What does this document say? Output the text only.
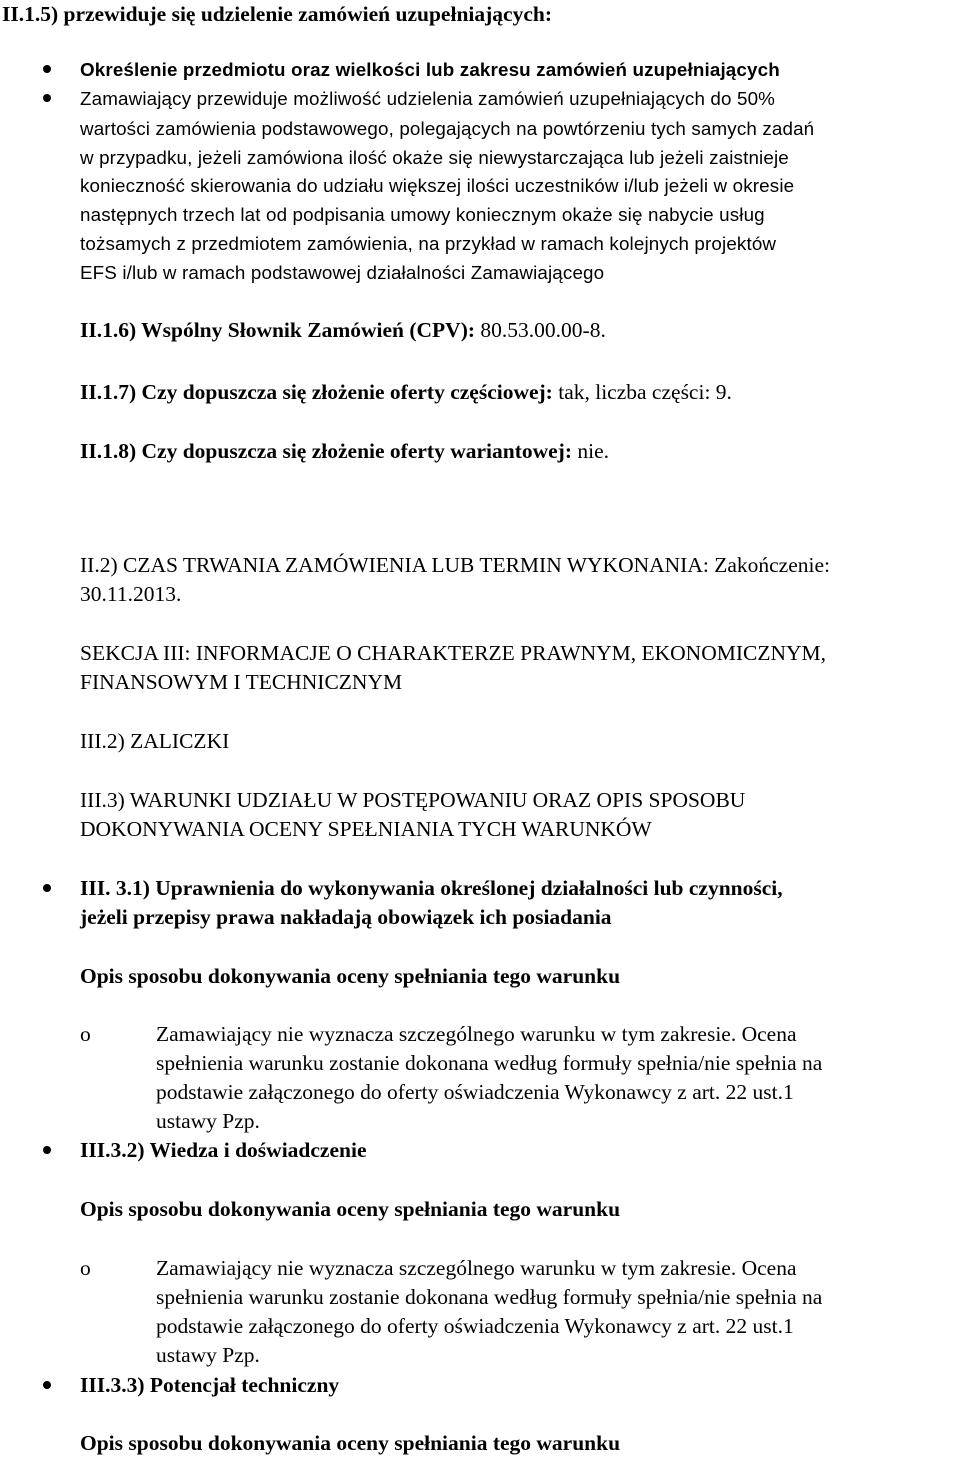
II.1.5) przewiduje się udzielenie zamówień uzupełniających:
Określenie przedmiotu oraz wielkości lub zakresu zamówień uzupełniających
Zamawiający przewiduje możliwość udzielenia zamówień uzupełniających do 50%
wartości zamówienia podstawowego, polegających na powtórzeniu tych samych zadań
w przypadku, jeżeli zamówiona ilość okaże się niewystarczająca lub jeżeli zaistnieje
konieczność skierowania do udziału większej ilości uczestników i/lub jeżeli w okresie
następnych trzech lat od podpisania umowy koniecznym okaże się nabycie usług
tożsamych z przedmiotem zamówienia, na przykład w ramach kolejnych projektów
EFS i/lub w ramach podstawowej działalności Zamawiającego
II.1.6) Wspólny Słownik Zamówień (CPV): 80.53.00.00-8.
II.1.7) Czy dopuszcza się złożenie oferty częściowej: tak, liczba części: 9.
II.1.8) Czy dopuszcza się złożenie oferty wariantowej: nie.
II.2) CZAS TRWANIA ZAMÓWIENIA LUB TERMIN WYKONANIA: Zakończenie:
30.11.2013.
SEKCJA III: INFORMACJE O CHARAKTERZE PRAWNYM, EKONOMICZNYM,
FINANSOWYM I TECHNICZNYM
III.2) ZALICZKI
III.3) WARUNKI UDZIAŁU W POSTĘPOWANIU ORAZ OPIS SPOSOBU
DOKONYWANIA OCENY SPEŁNIANIA TYCH WARUNKÓW
III. 3.1) Uprawnienia do wykonywania określonej działalności lub czynności,
jeżeli przepisy prawa nakładają obowiązek ich posiadania
Opis sposobu dokonywania oceny spełniania tego warunku
o	Zamawiający nie wyznacza szczególnego warunku w tym zakresie. Ocena
spełnienia warunku zostanie dokonana według formuły spełnia/nie spełnia na
podstawie załączonego do oferty oświadczenia Wykonawcy z art. 22 ust.1
ustawy Pzp.
III.3.2) Wiedza i doświadczenie
Opis sposobu dokonywania oceny spełniania tego warunku
o	Zamawiający nie wyznacza szczególnego warunku w tym zakresie. Ocena
spełnienia warunku zostanie dokonana według formuły spełnia/nie spełnia na
podstawie załączonego do oferty oświadczenia Wykonawcy z art. 22 ust.1
ustawy Pzp.
III.3.3) Potencjał techniczny
Opis sposobu dokonywania oceny spełniania tego warunku
